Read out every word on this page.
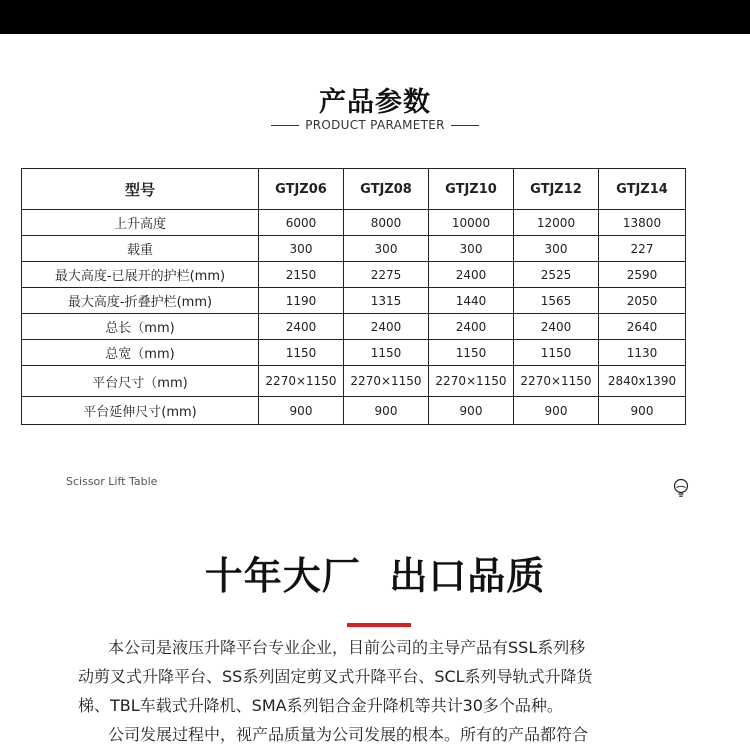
产品参数
PRODUCT PARAMETER
型号	GTJZ06	GTJZ08	GTJZ10	GTJZ12	GTJZ14
上升高度	6000	8000	10000	12000	13800
载重	300	300	300	300	227
最大高度-已展开的护栏(mm)	2150	2275	2400	2525	2590
最大高度-折叠护栏(mm)	1190	1315	1440	1565	2050
总长（mm)	2400	2400	2400	2400	2640
总宽（mm)	1150	1150	1150	1150	1130
平台尺寸（mm)	2270×1150	2270×1150	2270×1150	2270×1150	2840x1390
平台延伸尺寸(mm)	900	900	900	900	900
Scissor Lift Table
十年大厂  出口品质

本公司是液压升降平台专业企业，目前公司的主导产品有SSL系列移

动剪叉式升降平台、SS系列固定剪叉式升降平台、SCL系列导轨式升降货

梯、TBL车载式升降机、SMA系列铝合金升降机等共计30多个品种。

公司发展过程中，视产品质量为公司发展的根本。所有的产品都符合
